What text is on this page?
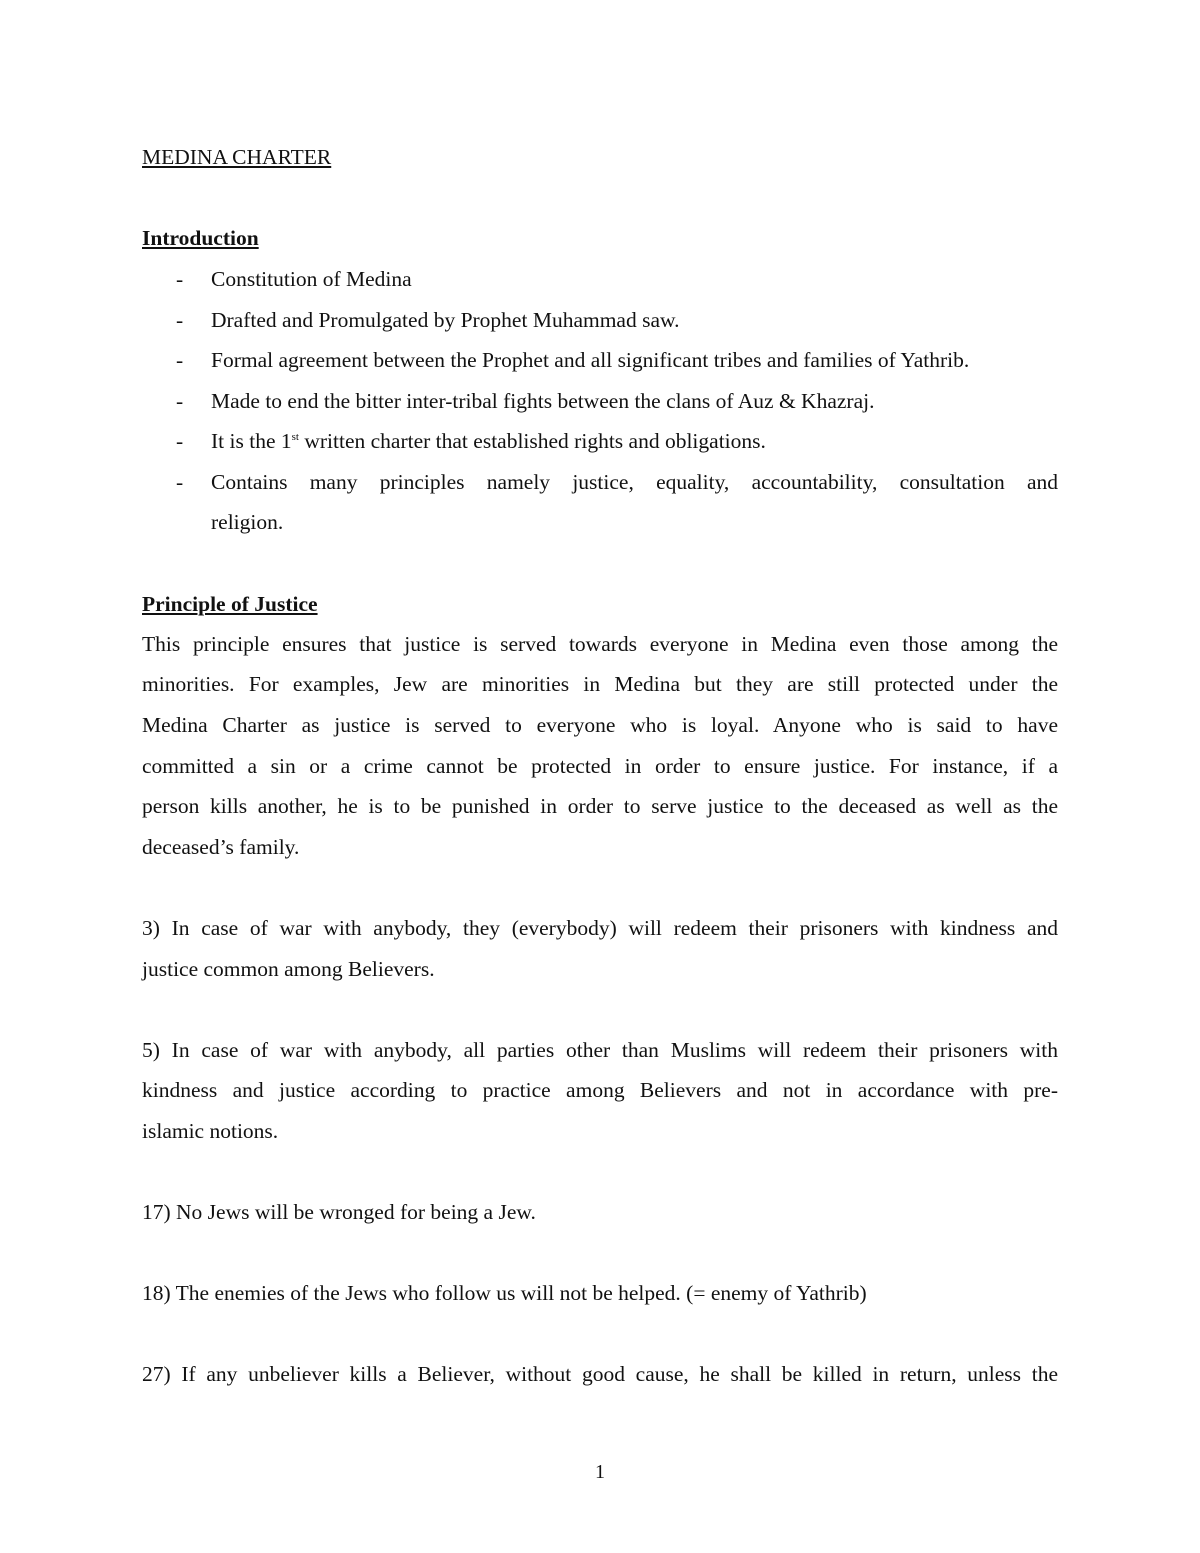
MEDINA CHARTER
Introduction
- Constitution of Medina
- Drafted and Promulgated by Prophet Muhammad saw.
- Formal agreement between the Prophet and all significant tribes and families of Yathrib.
- Made to end the bitter inter-tribal fights between the clans of Auz & Khazraj.
- It is the 1st written charter that established rights and obligations.
- Contains many principles namely justice, equality, accountability, consultation and
religion.
Principle of Justice
This principle ensures that justice is served towards everyone in Medina even those among the
minorities. For examples, Jew are minorities in Medina but they are still protected under the
Medina Charter as justice is served to everyone who is loyal. Anyone who is said to have
committed a sin or a crime cannot be protected in order to ensure justice. For instance, if a
person kills another, he is to be punished in order to serve justice to the deceased as well as the
deceased’s family.
3) In case of war with anybody, they (everybody) will redeem their prisoners with kindness and
justice common among Believers.
5) In case of war with anybody, all parties other than Muslims will redeem their prisoners with
kindness and justice according to practice among Believers and not in accordance with pre-
islamic notions.
17) No Jews will be wronged for being a Jew.
18) The enemies of the Jews who follow us will not be helped. (= enemy of Yathrib)
27) If any unbeliever kills a Believer, without good cause, he shall be killed in return, unless the
1
